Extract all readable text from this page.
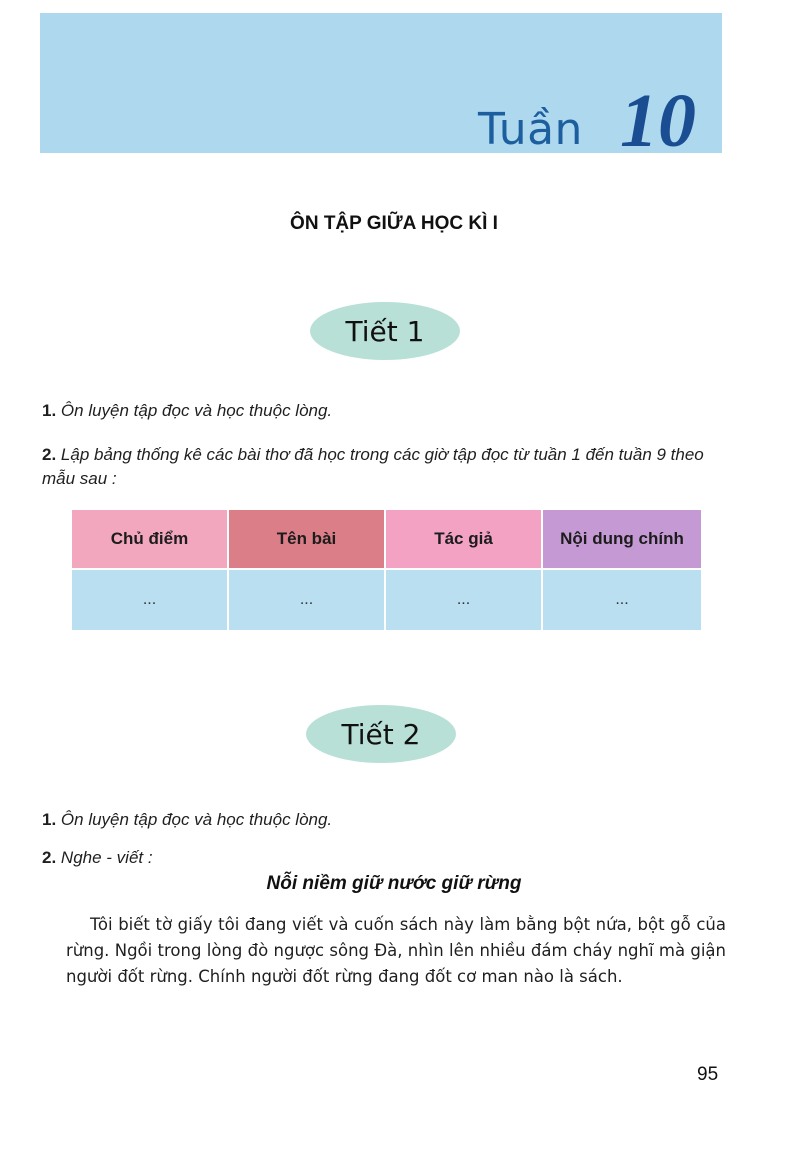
Tuần 10
ÔN TẬP GIỮA HỌC KÌ I
Tiết 1
1. Ôn luyện tập đọc và học thuộc lòng.
2. Lập bảng thống kê các bài thơ đã học trong các giờ tập đọc từ tuần 1 đến tuần 9 theo mẫu sau :
Chủ điểm	Tên bài	Tác giả	Nội dung chính
...	...	...	...
Tiết 2
1. Ôn luyện tập đọc và học thuộc lòng.
2. Nghe - viết :
Nỗi niềm giữ nước giữ rừng
Tôi biết tờ giấy tôi đang viết và cuốn sách này làm bằng bột nứa, bột gỗ của rừng. Ngồi trong lòng đò ngược sông Đà, nhìn lên nhiều đám cháy nghĩ mà giận người đốt rừng. Chính người đốt rừng đang đốt cơ man nào là sách.
95
